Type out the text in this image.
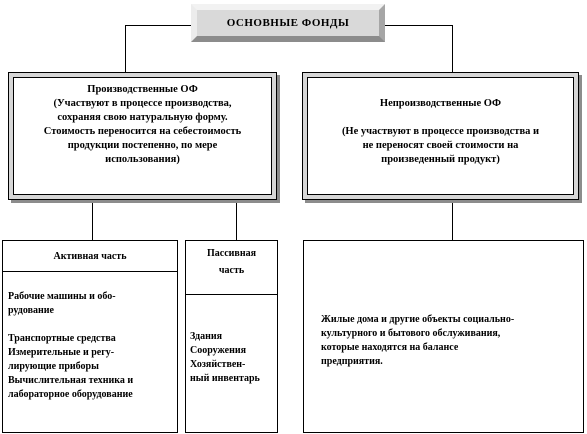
ОСНОВНЫЕ ФОНДЫ
Производственные ОФ
(Участвуют в процессе производства,
сохраняя свою натуральную форму.
Стоимость переносится на себестоимость
продукции постепенно, по мере
использования)
Непроизводственные ОФ
(Не участвуют в процессе производства и
не переносят своей стоимости на
произведенный продукт)
Активная часть
Рабочие машины и обо-
рудование
Транспортные средства
Измерительные и регу-
лирующие приборы
Вычислительная техника и
лабораторное оборудование
Пассивная
часть
Здания
Сооружения
Хозяйствен-
ный инвентарь
Жилые дома и другие объекты социально-
культурного и бытового обслуживания,
которые находятся на балансе
предприятия.
